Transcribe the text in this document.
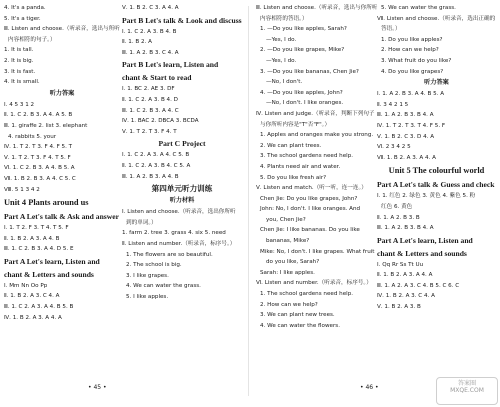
4. It's a panda.
5. It's a tiger.
Ⅲ. Listen and choose.（听录音，选出与所听
内容相符的句子。）
1. It is tall.
2. It is big.
3. It is fast.
4. It is small.
听力答案
Ⅰ. 4 5 3 1 2
Ⅱ. 1. C 2. B 3. A 4. A 5. B
Ⅲ. 1. giraffe 2. list 3. elephant
4. rabbits 5. your
Ⅳ. 1. T 2. T 3. F 4. F 5. T
Ⅴ. 1. T 2. T 3. F 4. T 5. F
Ⅵ. 1. C 2. B 3. A 4. B 5. A
Ⅶ. 1. B 2. B 3. A 4. C 5. C
Ⅷ. 5 1 3 4 2
Unit 4 Plants around us
Part A Let's talk & Ask and answer
Ⅰ. 1. T 2. F 3. T 4. T 5. F
Ⅱ. 1. B 2. A 3. A 4. B
Ⅲ. 1. C 2. B 3. A 4. D 5. E
Part A Let's learn, Listen and
chant & Letters and sounds
Ⅰ. Mm Nn Oo Pp
Ⅱ. 1. B 2. A 3. C 4. A
Ⅲ. 1. C 2. A 3. A 4. B 5. B
Ⅳ. 1. B 2. A 3. A 4. A
Ⅴ. 1. B 2. C 3. A 4. A
Part B Let's talk & Look and discuss
Ⅰ. 1. C 2. A 3. B 4. B
Ⅱ. 1. B 2. A
Ⅲ. 1. A 2. B 3. C 4. A
Part B Let's learn, Listen and
chant & Start to read
Ⅰ. 1. BC 2. AE 3. DF
Ⅱ. 1. C 2. A 3. B 4. D
Ⅲ. 1. C 2. B 3. A 4. C
Ⅳ. 1. BAC 2. DBCA 3. BCDA
Ⅴ. 1. T 2. T 3. F 4. T
Part C Project
Ⅰ. 1. C 2. A 3. A 4. C 5. B
Ⅱ. 1. C 2. A 3. B 4. C 5. A
Ⅲ. 1. A 2. B 3. A 4. B
第四单元听力训练
听力材料
Ⅰ. Listen and choose.（听录音，选出你所听
到的单词。）
1. farm 2. tree 3. grass 4. six 5. need
Ⅱ. Listen and number.（听录音，标序号。）
1. The flowers are so beautiful.
2. The school is big.
3. I like grapes.
4. We can water the grass.
5. I like apples.
• 45 •
Ⅲ. Listen and choose.（听录音，选出与你所听
内容相符的答语。）
1. —Do you like apples, Sarah?
—Yes, I do.
2. —Do you like grapes, Mike?
—Yes, I do.
3. —Do you like bananas, Chen Jie?
—No, I don't.
4. —Do you like apples, John?
—No, I don't. I like oranges.
Ⅳ. Listen and judge.（听录音，判断下列句子
与你所听内容是"T"否"F"。）
1. Apples and oranges make you strong.
2. We can plant trees.
3. The school gardens need help.
4. Plants need air and water.
5. Do you like fresh air?
Ⅴ. Listen and match.（听一听，连一连。）
Chen Jie: Do you like grapes, John?
John: No, I don't. I like oranges. And
you, Chen Jie?
Chen Jie: I like bananas. Do you like
bananas, Mike?
Mike: No, I don't. I like grapes. What fruit
do you like, Sarah?
Sarah: I like apples.
Ⅵ. Listen and number.（听录音，标序号。）
1. The school gardens need help.
2. How can we help?
3. We can plant new trees.
4. We can water the flowers.
5. We can water the grass.
Ⅶ. Listen and choose.（听录音，选出正确的
答语。）
1. Do you like apples?
2. How can we help?
3. What fruit do you like?
4. Do you like grapes?
听力答案
Ⅰ. 1. A 2. B 3. A 4. B 5. A
Ⅱ. 3 4 2 1 5
Ⅲ. 1. A 2. B 3. B 4. A
Ⅳ. 1. T 2. T 3. T 4. F 5. F
Ⅴ. 1. B 2. C 3. D 4. A
Ⅵ. 2 3 4 2 5
Ⅶ. 1. B 2. A 3. A 4. A
Unit 5 The colourful world
Part A Let's talk & Guess and check
Ⅰ. 1. 红色 2. 绿色 3. 黄色 4. 紫色 5. 粉
红色 6. 黄色
Ⅱ. 1. A 2. B 3. B
Ⅲ. 1. A 2. B 3. B 4. A
Part A Let's learn, Listen and
chant & Letters and sounds
Ⅰ. Qq Rr Ss Tt Uu
Ⅱ. 1. B 2. A 3. A 4. A
Ⅲ. 1. A 2. A 3. C 4. B 5. C 6. C
Ⅳ. 1. B 2. A 3. C 4. A
Ⅴ. 1. B 2. A 3. B
• 46 •
答案圈
MXQE.COM
